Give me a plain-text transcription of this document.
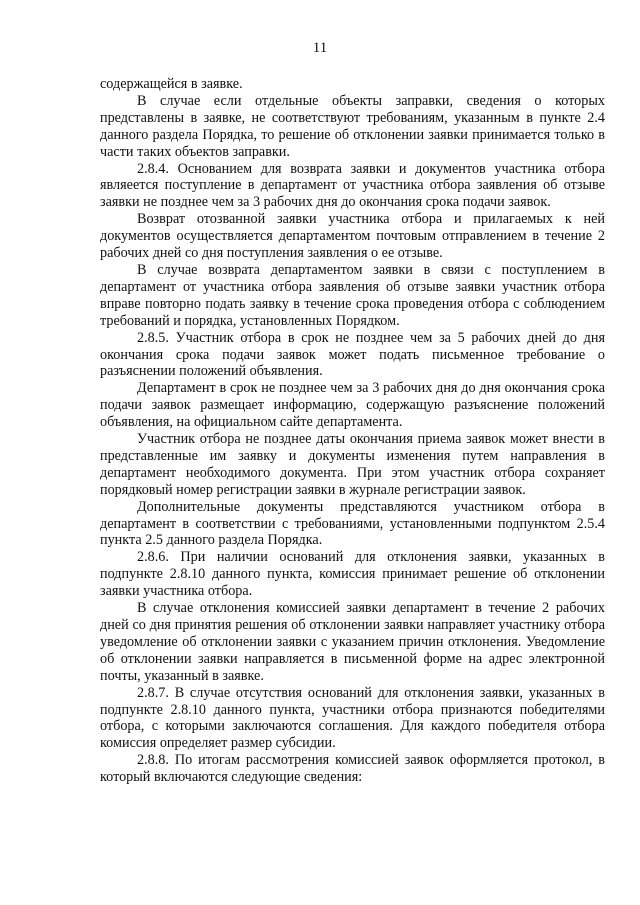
11

содержащейся в заявке.

В случае если отдельные объекты заправки, сведения о которых представлены в заявке, не соответствуют требованиям, указанным в пункте 2.4 данного раздела Порядка, то решение об отклонении заявки принимается только в части таких объектов заправки.

2.8.4. Основанием для возврата заявки и документов участника отбора являеется поступление в департамент от участника отбора заявления об отзыве заявки не позднее чем за 3 рабочих дня до окончания срока подачи заявок.

Возврат отозванной заявки участника отбора и прилагаемых к ней документов осуществляется департаментом почтовым отправлением в течение 2 рабочих дней со дня поступления заявления о ее отзыве.

В случае возврата департаментом заявки в связи с поступлением в департамент от участника отбора заявления об отзыве заявки участник отбора вправе повторно подать заявку в течение срока проведения отбора с соблюдением требований и порядка, установленных Порядком.

2.8.5. Участник отбора в срок не позднее чем за 5 рабочих дней до дня окончания срока подачи заявок может подать письменное требование о разъяснении положений объявления.

Департамент в срок не позднее чем за 3 рабочих дня до дня окончания срока подачи заявок размещает информацию, содержащую разъяснение положений объявления, на официальном сайте департамента.

Участник отбора не позднее даты окончания приема заявок может внести в представленные им заявку и документы изменения путем направления в департамент необходимого документа. При этом участник отбора сохраняет порядковый номер регистрации заявки в журнале регистрации заявок.

Дополнительные документы представляются участником отбора в департамент в соответствии с требованиями, установленными подпунктом 2.5.4 пункта 2.5 данного раздела Порядка.

2.8.6. При наличии оснований для отклонения заявки, указанных в подпункте 2.8.10 данного пункта, комиссия принимает решение об отклонении заявки участника отбора.

В случае отклонения комиссией заявки департамент в течение 2 рабочих дней со дня принятия решения об отклонении заявки направляет участнику отбора уведомление об отклонении заявки с указанием причин отклонения. Уведомление об отклонении заявки направляется в письменной форме на адрес электронной почты, указанный в заявке.

2.8.7. В случае отсутствия оснований для отклонения заявки, указанных в подпункте 2.8.10 данного пункта, участники отбора признаются победителями отбора, с которыми заключаются соглашения. Для каждого победителя отбора комиссия определяет размер субсидии.

2.8.8. По итогам рассмотрения комиссией заявок оформляется протокол, в который включаются следующие сведения:
